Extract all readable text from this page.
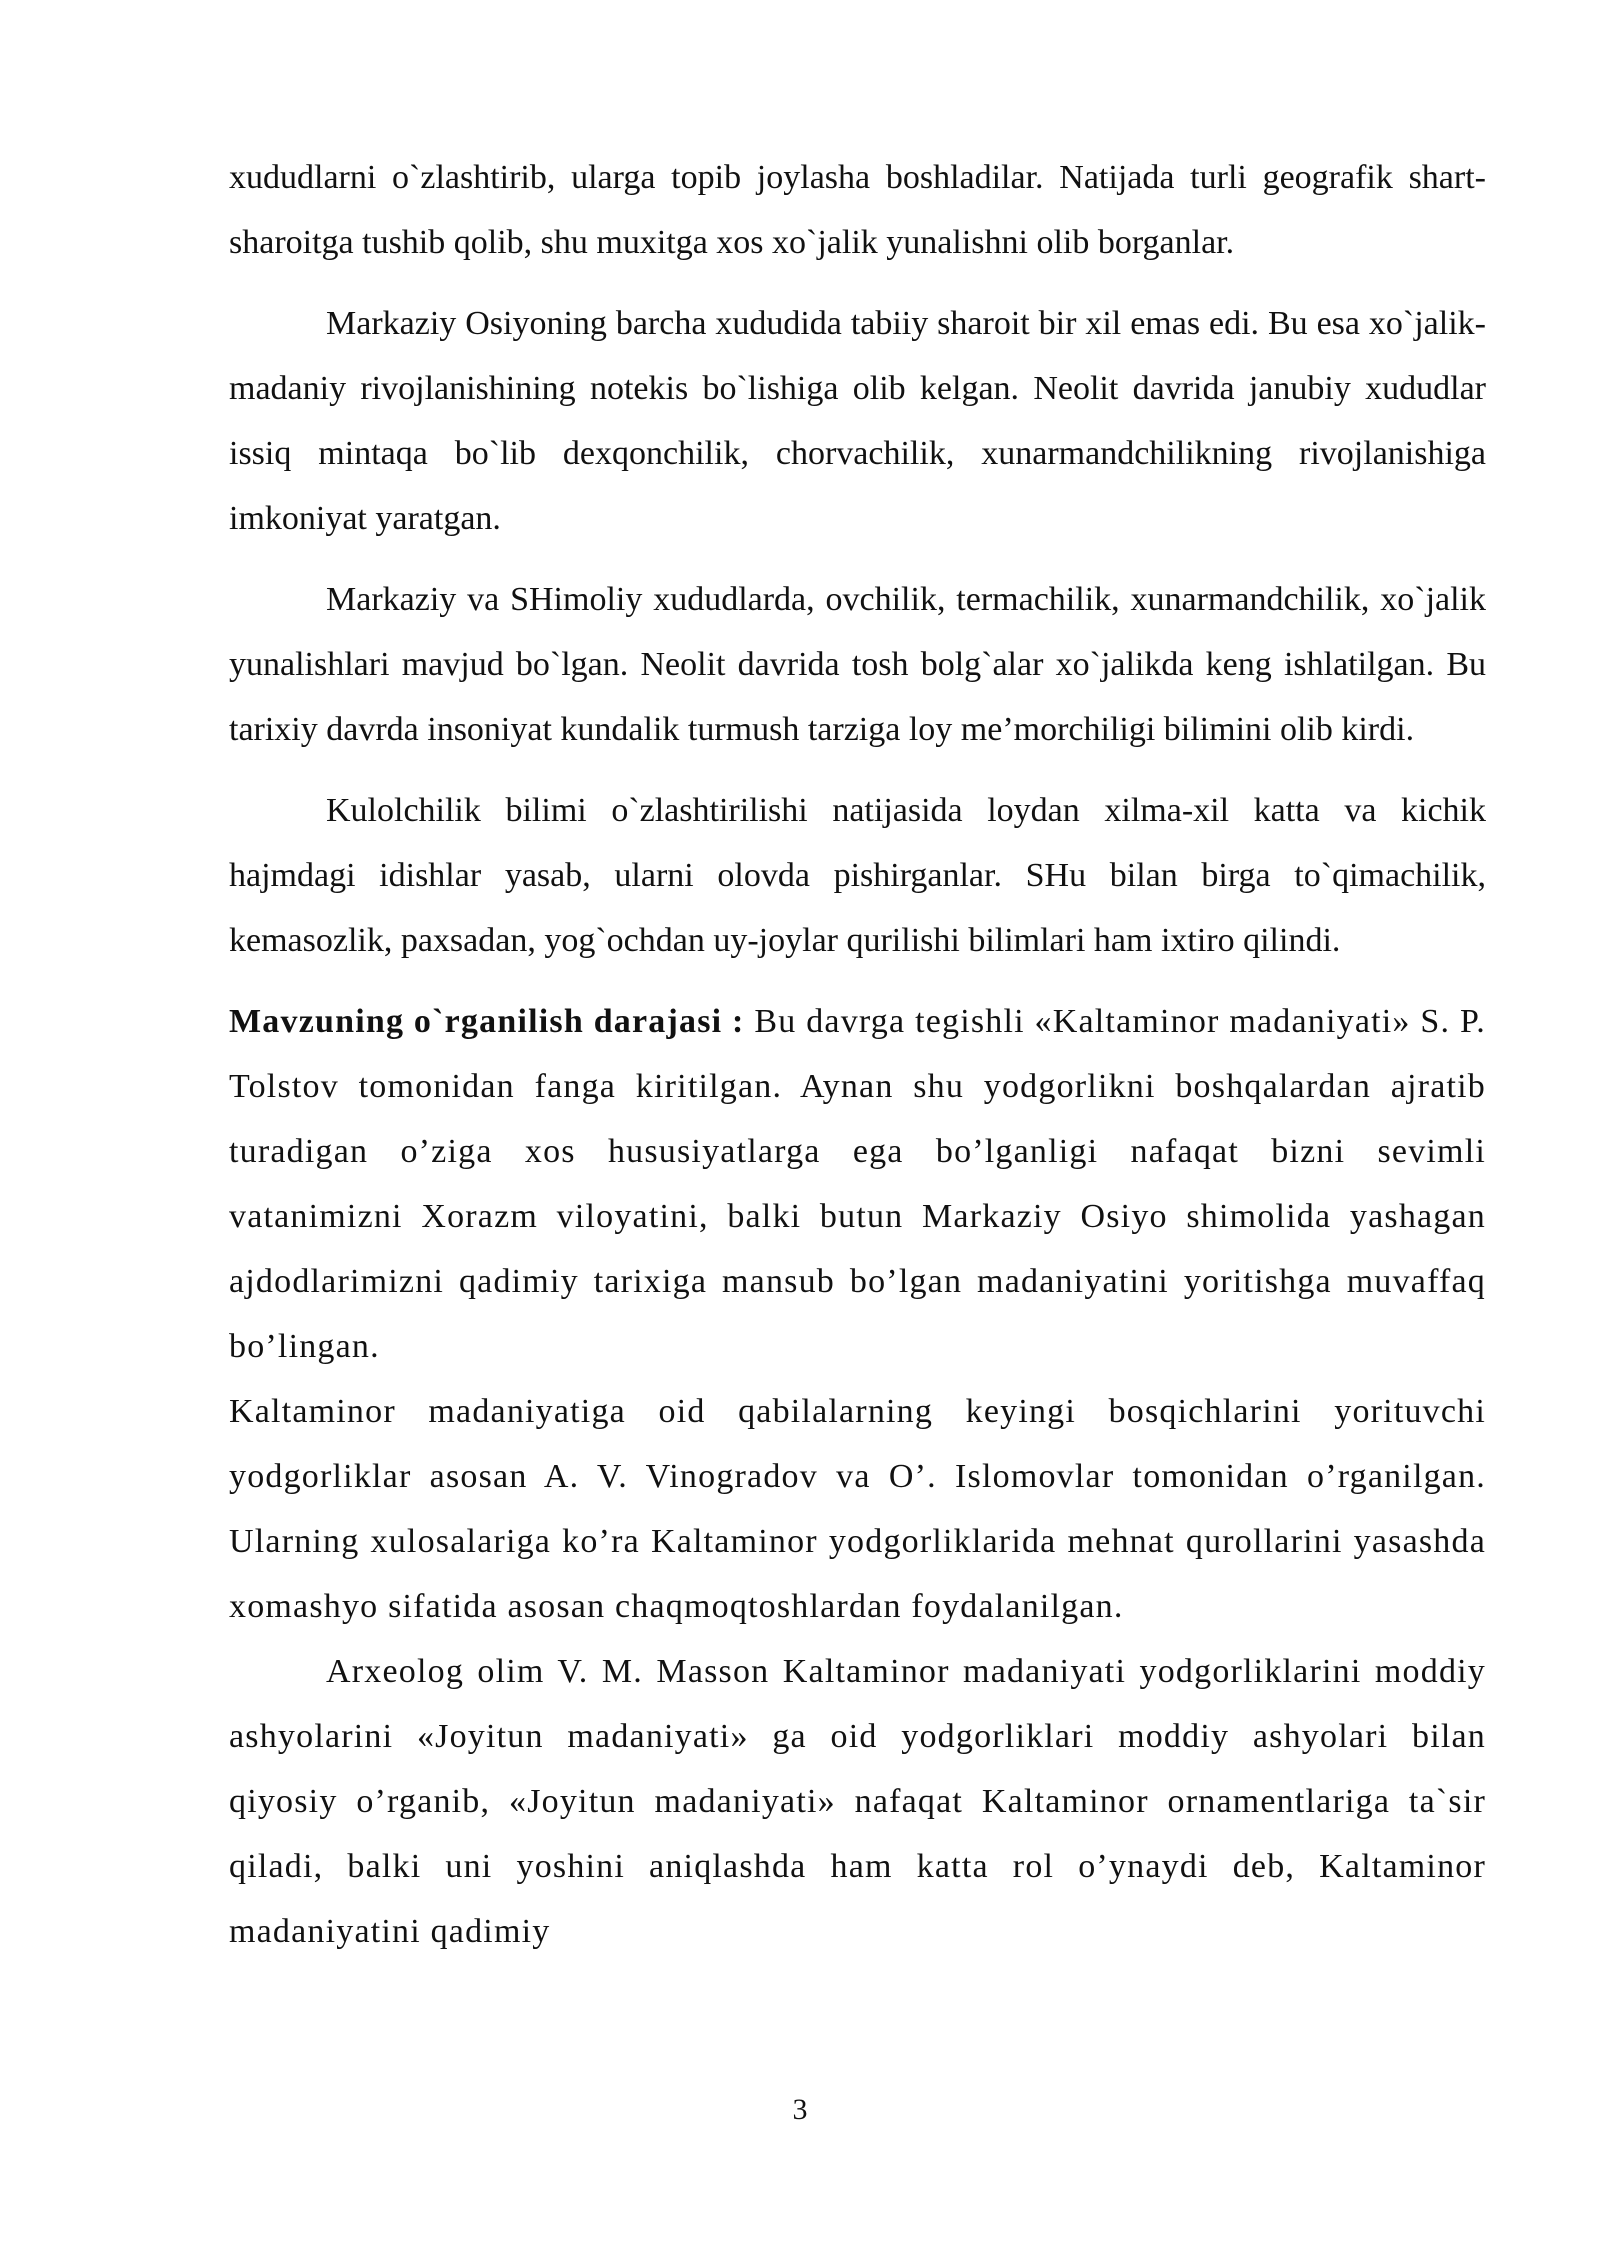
xududlarni o`zlashtirib, ularga topib joylasha boshladilar. Natijada turli geografik shart-sharoitga tushib qolib, shu muxitga xos xo`jalik yunalishni olib borganlar.

Markaziy Osiyoning barcha xududida tabiiy sharoit bir xil emas edi. Bu esa xo`jalik-madaniy rivojlanishining notekis bo`lishiga olib kelgan. Neolit davrida janubiy xududlar issiq mintaqa bo`lib dexqonchilik, chorvachilik, xunarmandchilikning rivojlanishiga imkoniyat yaratgan.

Markaziy va SHimoliy xududlarda, ovchilik, termachilik, xunarmandchilik, xo`jalik yunalishlari mavjud bo`lgan. Neolit davrida tosh bolg`alar xo`jalikda keng ishlatilgan. Bu tarixiy davrda insoniyat kundalik turmush tarziga loy me’morchiligi bilimini olib kirdi.

Kulolchilik bilimi o`zlashtirilishi natijasida loydan xilma-xil katta va kichik hajmdagi idishlar yasab, ularni olovda pishirganlar. SHu bilan birga to`qimachilik, kemasozlik, paxsadan, yog`ochdan uy-joylar qurilishi bilimlari ham ixtiro qilindi.

Mavzuning o`rganilish darajasi : Bu davrga tegishli «Kaltaminor madaniyati» S. P. Tolstov tomonidan fanga kiritilgan. Aynan shu yodgorlikni boshqalardan ajratib turadigan o’ziga xos hususiyatlarga ega bo’lganligi nafaqat bizni sevimli vatanimizni Xorazm viloyatini, balki butun Markaziy Osiyo shimolida yashagan ajdodlarimizni qadimiy tarixiga mansub bo’lgan madaniyatini yoritishga muvaffaq bo’lingan.

Kaltaminor madaniyatiga oid qabilalarning keyingi bosqichlarini yorituvchi yodgorliklar asosan A. V. Vinogradov va O’. Islomovlar tomonidan o’rganilgan. Ularning xulosalariga ko’ra Kaltaminor yodgorliklarida mehnat qurollarini yasashda xomashyo sifatida asosan chaqmoqtoshlardan foydalanilgan.

Arxeolog olim V. M. Masson Kaltaminor madaniyati yodgorliklarini moddiy ashyolarini «Joyitun madaniyati» ga oid yodgorliklari moddiy ashyolari bilan qiyosiy o’rganib, «Joyitun madaniyati» nafaqat Kaltaminor ornamentlariga ta`sir qiladi, balki uni yoshini aniqlashda ham katta rol o’ynaydi deb, Kaltaminor madaniyatini qadimiy

3
